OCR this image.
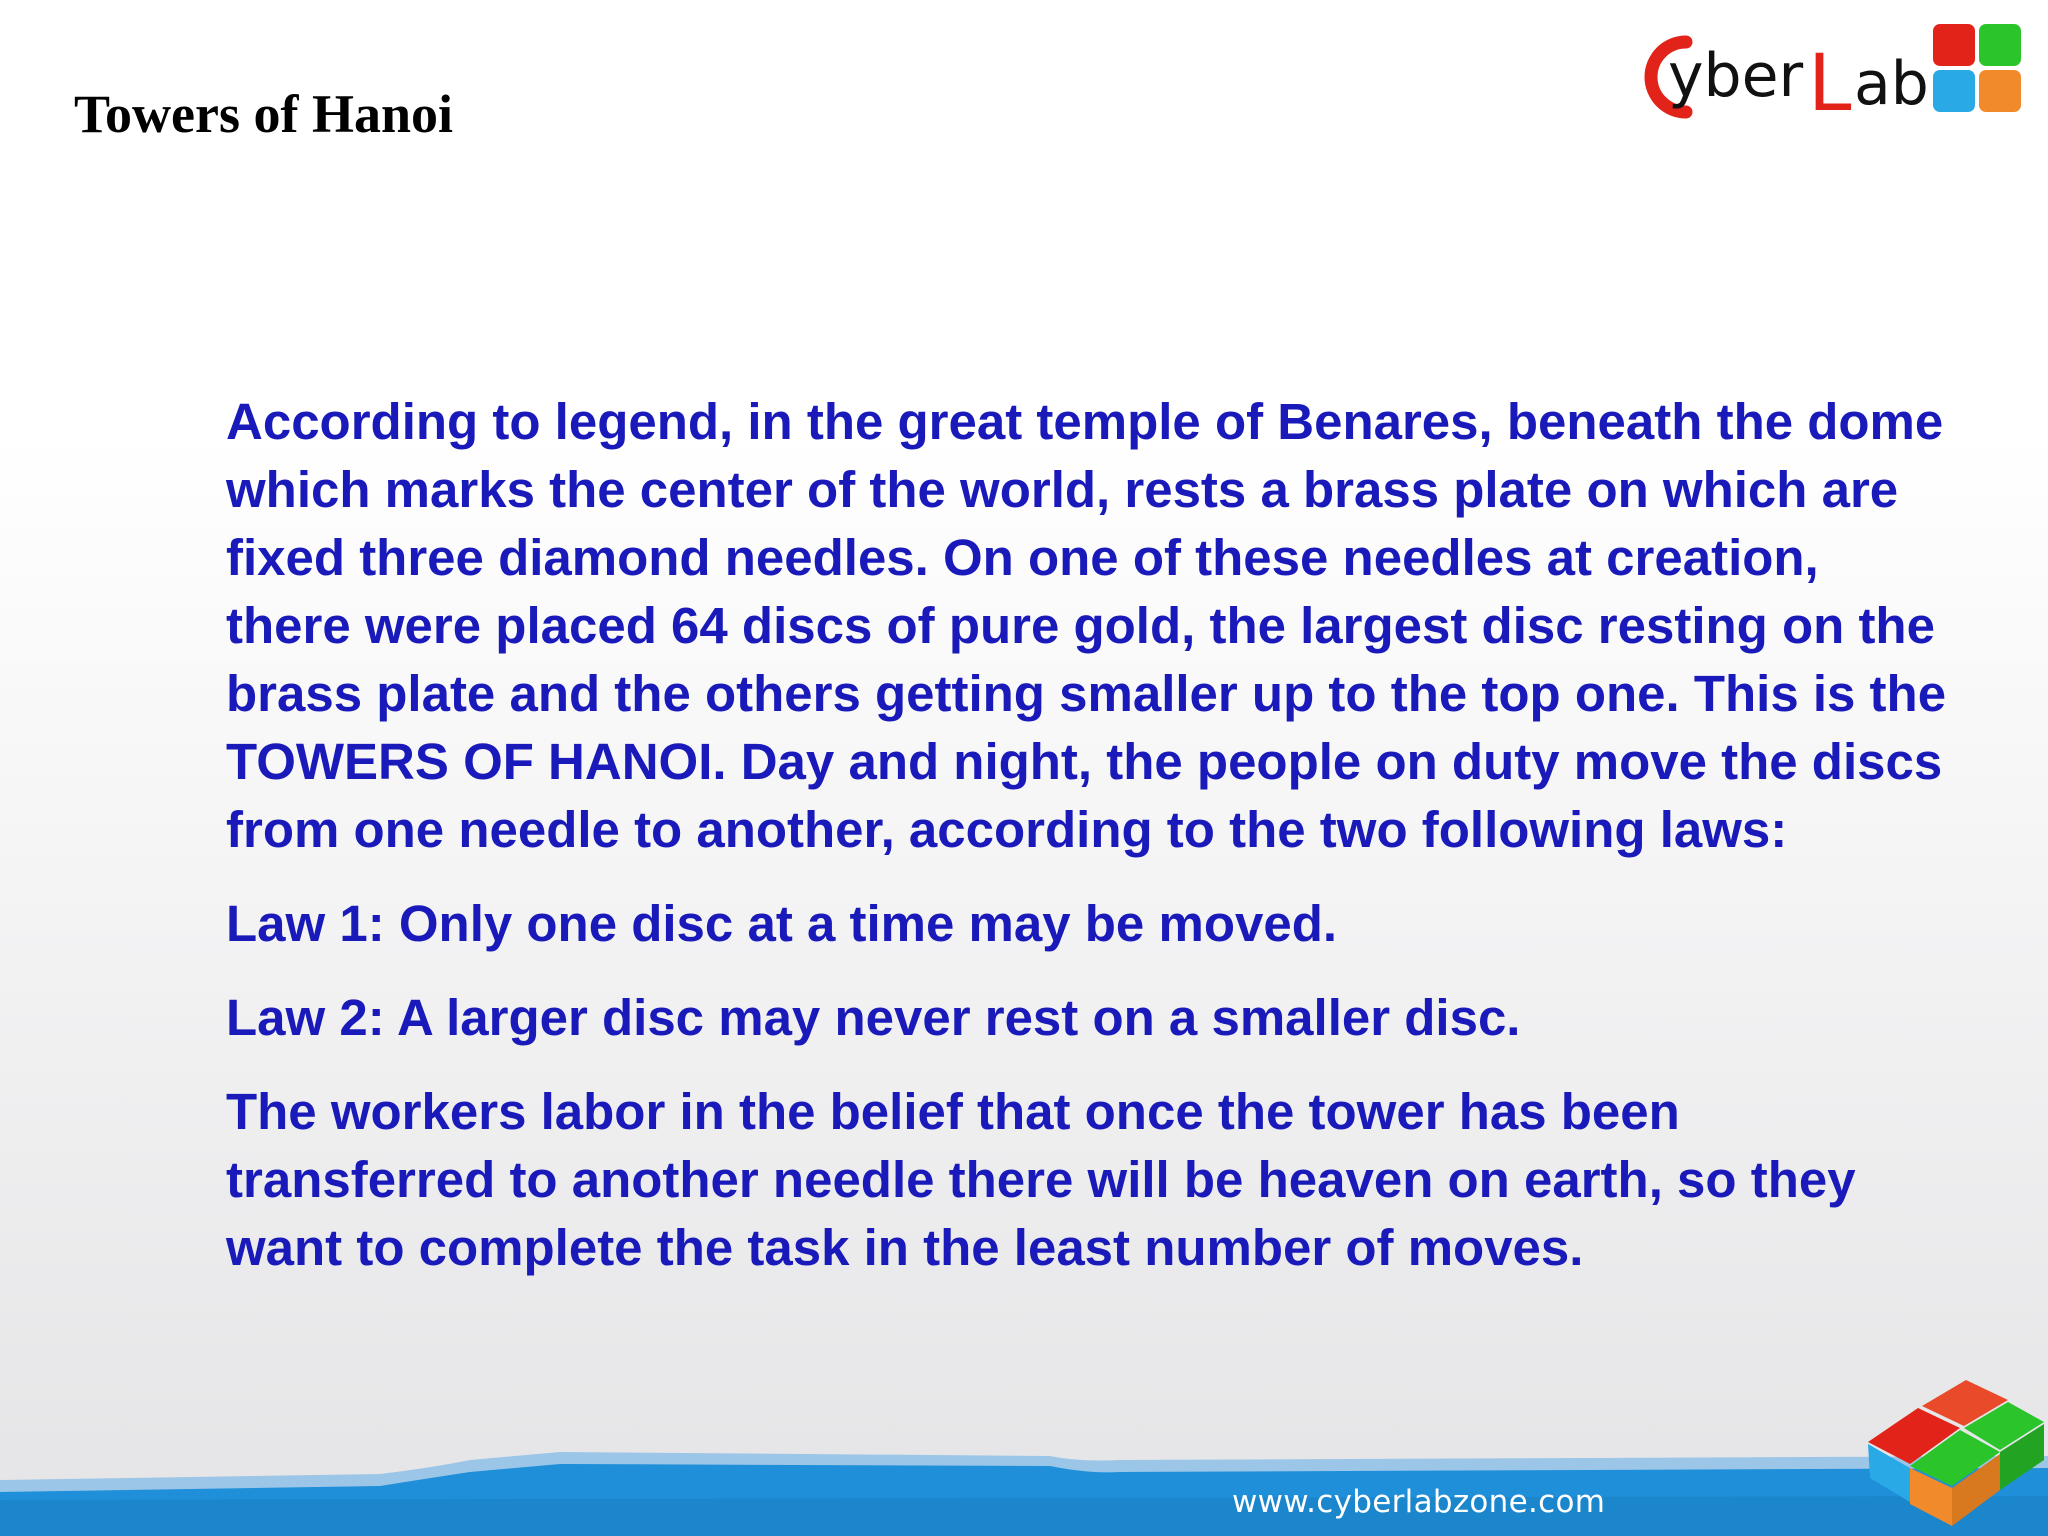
Towers of Hanoi
yber L ab

According to legend, in the great temple of Benares, beneath the dome which marks the center of the world, rests a brass plate on which are fixed three diamond needles. On one of these needles at creation, there were placed 64 discs of pure gold, the largest disc resting on the brass plate and the others getting smaller up to the top one. This is the TOWERS OF HANOI. Day and night, the people on duty move the discs from one needle to another, according to the two following laws:

Law 1: Only one disc at a time may be moved.

Law 2: A larger disc may never rest on a smaller disc.

The workers labor in the belief that once the tower has been transferred to another needle there will be heaven on earth, so they want to complete the task in the least number of moves.

www.cyberlabzone.com
